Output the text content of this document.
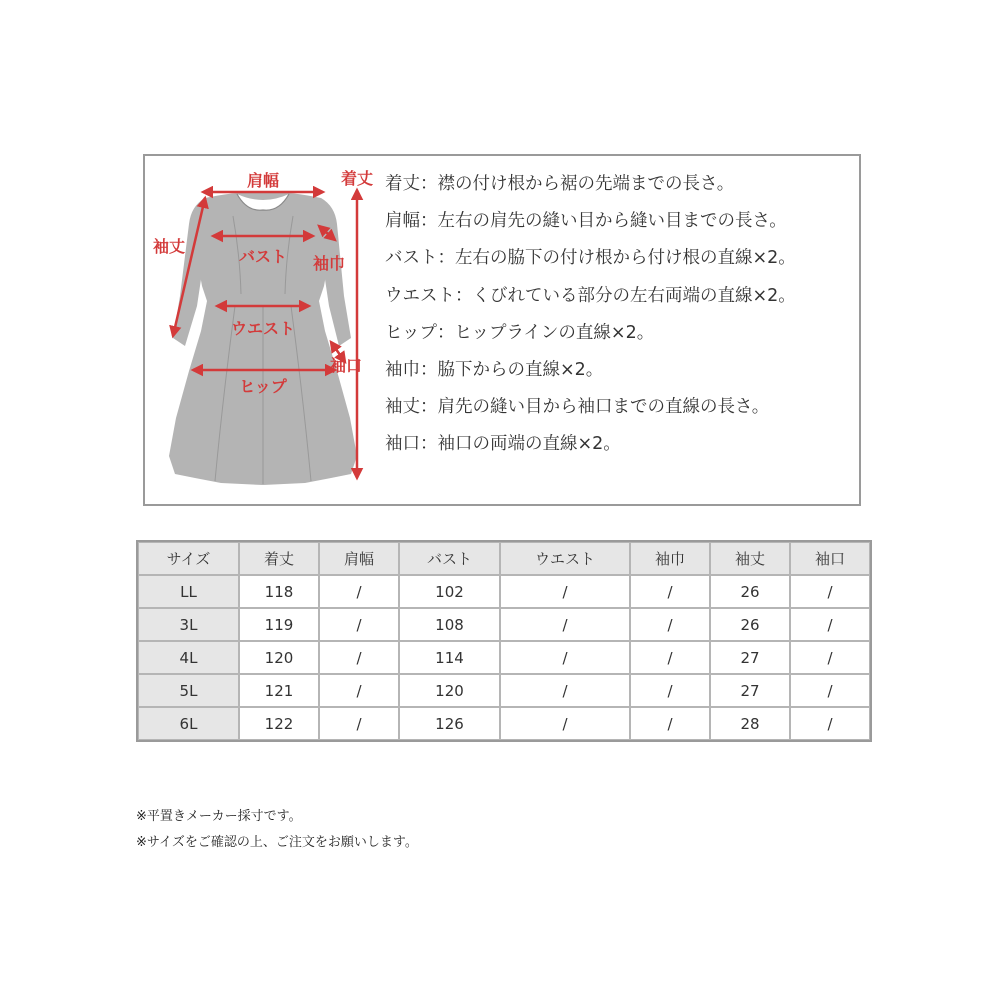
肩幅	着丈
袖丈
バスト 袖巾
ウエスト
袖口
ヒップ
着丈：襟の付け根から裾の先端までの長さ。
肩幅：左右の肩先の縫い目から縫い目までの長さ。
バスト：左右の脇下の付け根から付け根の直線×2。
ウエスト：くびれている部分の左右両端の直線×2。
ヒップ：ヒップラインの直線×2。
袖巾：脇下からの直線×2。
袖丈：肩先の縫い目から袖口までの直線の長さ。
袖口：袖口の両端の直線×2。
サイズ	着丈	肩幅	バスト	ウエスト	袖巾	袖丈	袖口
LL	118	/	102	/	/	26	/
3L	119	/	108	/	/	26	/
4L	120	/	114	/	/	27	/
5L	121	/	120	/	/	27	/
6L	122	/	126	/	/	28	/
※平置きメーカー採寸です。
※サイズをご確認の上、ご注文をお願いします。
